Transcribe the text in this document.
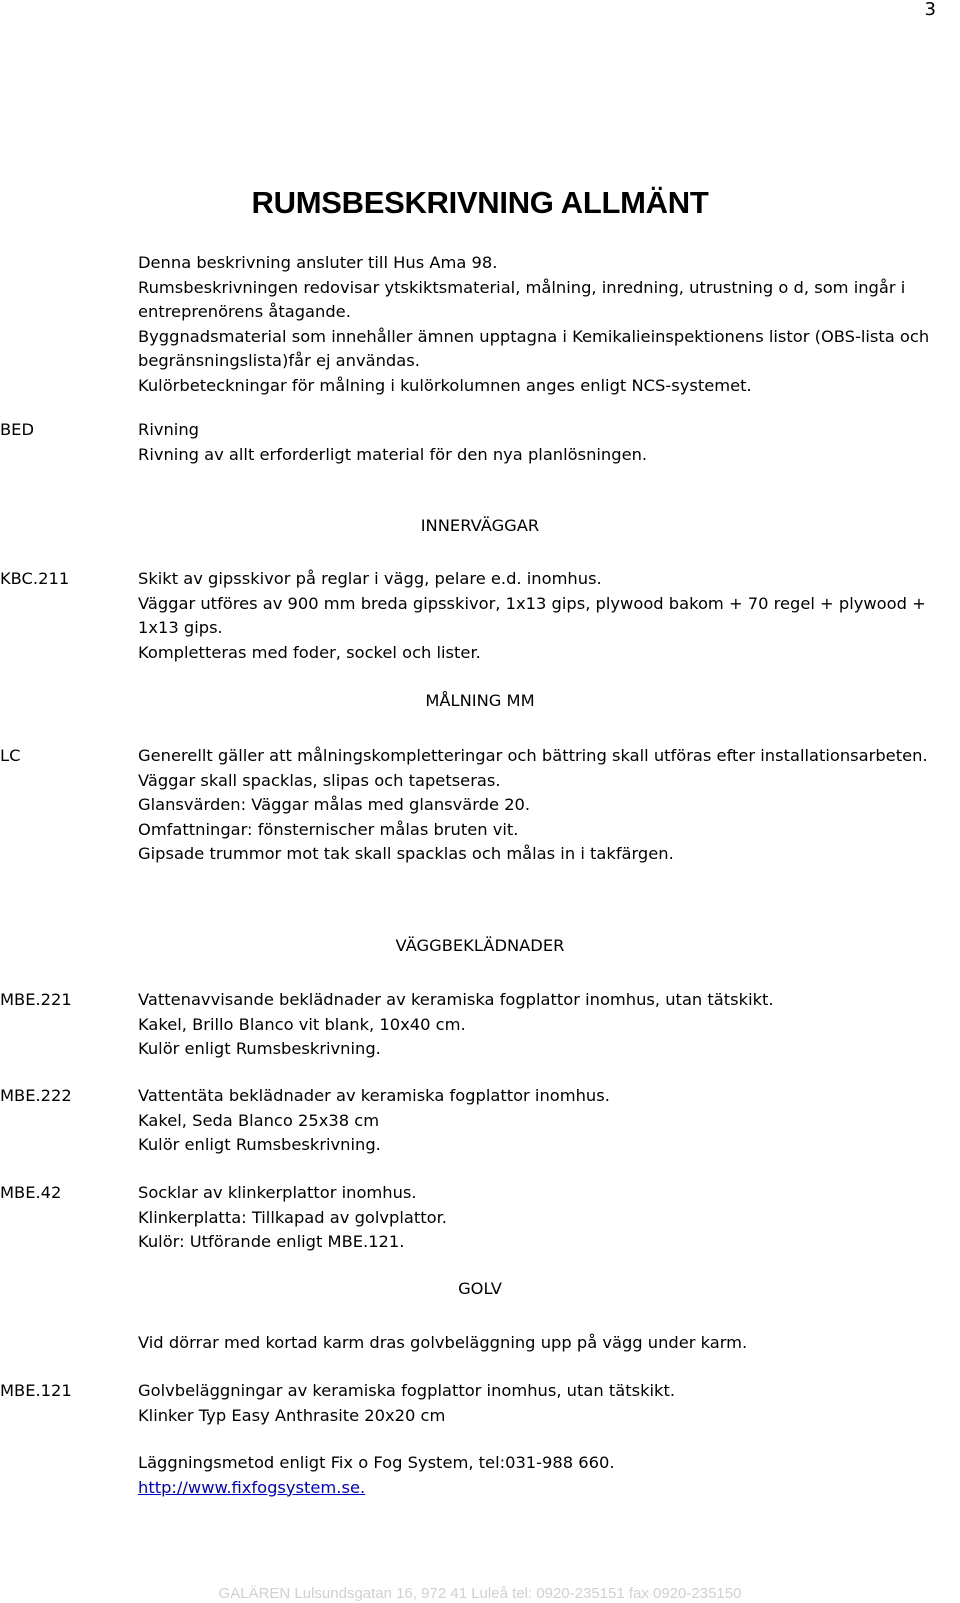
3
RUMSBESKRIVNING ALLMÄNT
Denna beskrivning ansluter till Hus Ama 98.
Rumsbeskrivningen redovisar ytskiktsmaterial, målning, inredning, utrustning o d, som ingår i
entreprenörens åtagande.
Byggnadsmaterial som innehåller ämnen upptagna i Kemikalieinspektionens listor (OBS-lista och
begränsningslista)får ej användas.
Kulörbeteckningar för målning i kulörkolumnen anges enligt NCS-systemet.
BED	Rivning
Rivning av allt erforderligt material för den nya planlösningen.
INNERVÄGGAR
KBC.211	Skikt av gipsskivor på reglar i vägg, pelare e.d. inomhus.
Väggar utföres av 900 mm breda gipsskivor, 1x13 gips, plywood bakom + 70 regel + plywood +
1x13 gips.
Kompletteras med foder, sockel och lister.
MÅLNING MM
LC	Generellt gäller att målningskompletteringar och bättring skall utföras efter installationsarbeten.
Väggar skall spacklas, slipas och tapetseras.
Glansvärden: Väggar målas med glansvärde 20.
Omfattningar: fönsternischer målas bruten vit.
Gipsade trummor mot tak skall spacklas och målas in i takfärgen.
VÄGGBEKLÄDNADER
MBE.221	Vattenavvisande beklädnader av keramiska fogplattor inomhus, utan tätskikt.
Kakel, Brillo Blanco vit blank, 10x40 cm.
Kulör enligt Rumsbeskrivning.
MBE.222	Vattentäta beklädnader av keramiska fogplattor inomhus.
Kakel, Seda Blanco 25x38 cm
Kulör enligt Rumsbeskrivning.
MBE.42	Socklar av klinkerplattor inomhus.
Klinkerplatta: Tillkapad av golvplattor.
Kulör: Utförande enligt MBE.121.
GOLV
Vid dörrar med kortad karm dras golvbeläggning upp på vägg under karm.
MBE.121	Golvbeläggningar av keramiska fogplattor inomhus, utan tätskikt.
Klinker Typ Easy Anthrasite 20x20 cm
Läggningsmetod enligt Fix o Fog System, tel:031-988 660.
http://www.fixfogsystem.se.
GALÄREN Lulsundsgatan 16, 972 41 Luleå tel: 0920-235151 fax 0920-235150
